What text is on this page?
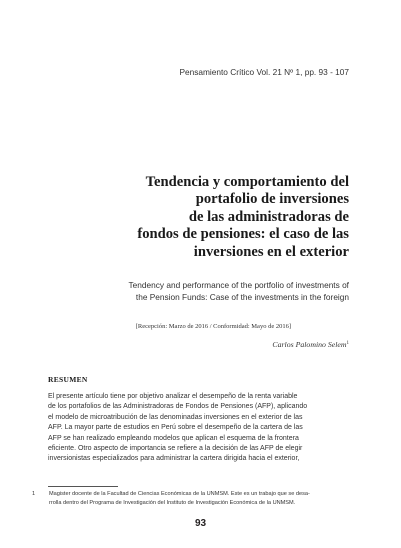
Pensamiento Crítico Vol. 21 Nº 1, pp. 93 - 107
Tendencia y comportamiento del
portafolio de inversiones
de las administradoras de
fondos de pensiones: el caso de las
inversiones en el exterior
Tendency and performance of the portfolio of investments of
the Pension Funds: Case of the investments in the foreign
[Recepción: Marzo de 2016 / Conformidad: Mayo de 2016]
Carlos Palomino Selem$^1$
RESUMEN
El presente artículo tiene por objetivo analizar el desempeño de la renta variable
de los portafolios de las Administradoras de Fondos de Pensiones (AFP), aplicando
el modelo de microatribución de las denominadas inversiones en el exterior de las
AFP. La mayor parte de estudios en Perú sobre el desempeño de la cartera de las
AFP se han realizado empleando modelos que aplican el esquema de la frontera
eficiente. Otro aspecto de importancia se refiere a la decisión de las AFP de elegir
inversionistas especializados para administrar la cartera dirigida hacia el exterior,
1 Magister docente de la Facultad de Ciencias Económicas de la UNMSM. Este es un trabajo que se desa-
rrolla dentro del Programa de Investigación del Instituto de Investigación Económica de la UNMSM.
93
